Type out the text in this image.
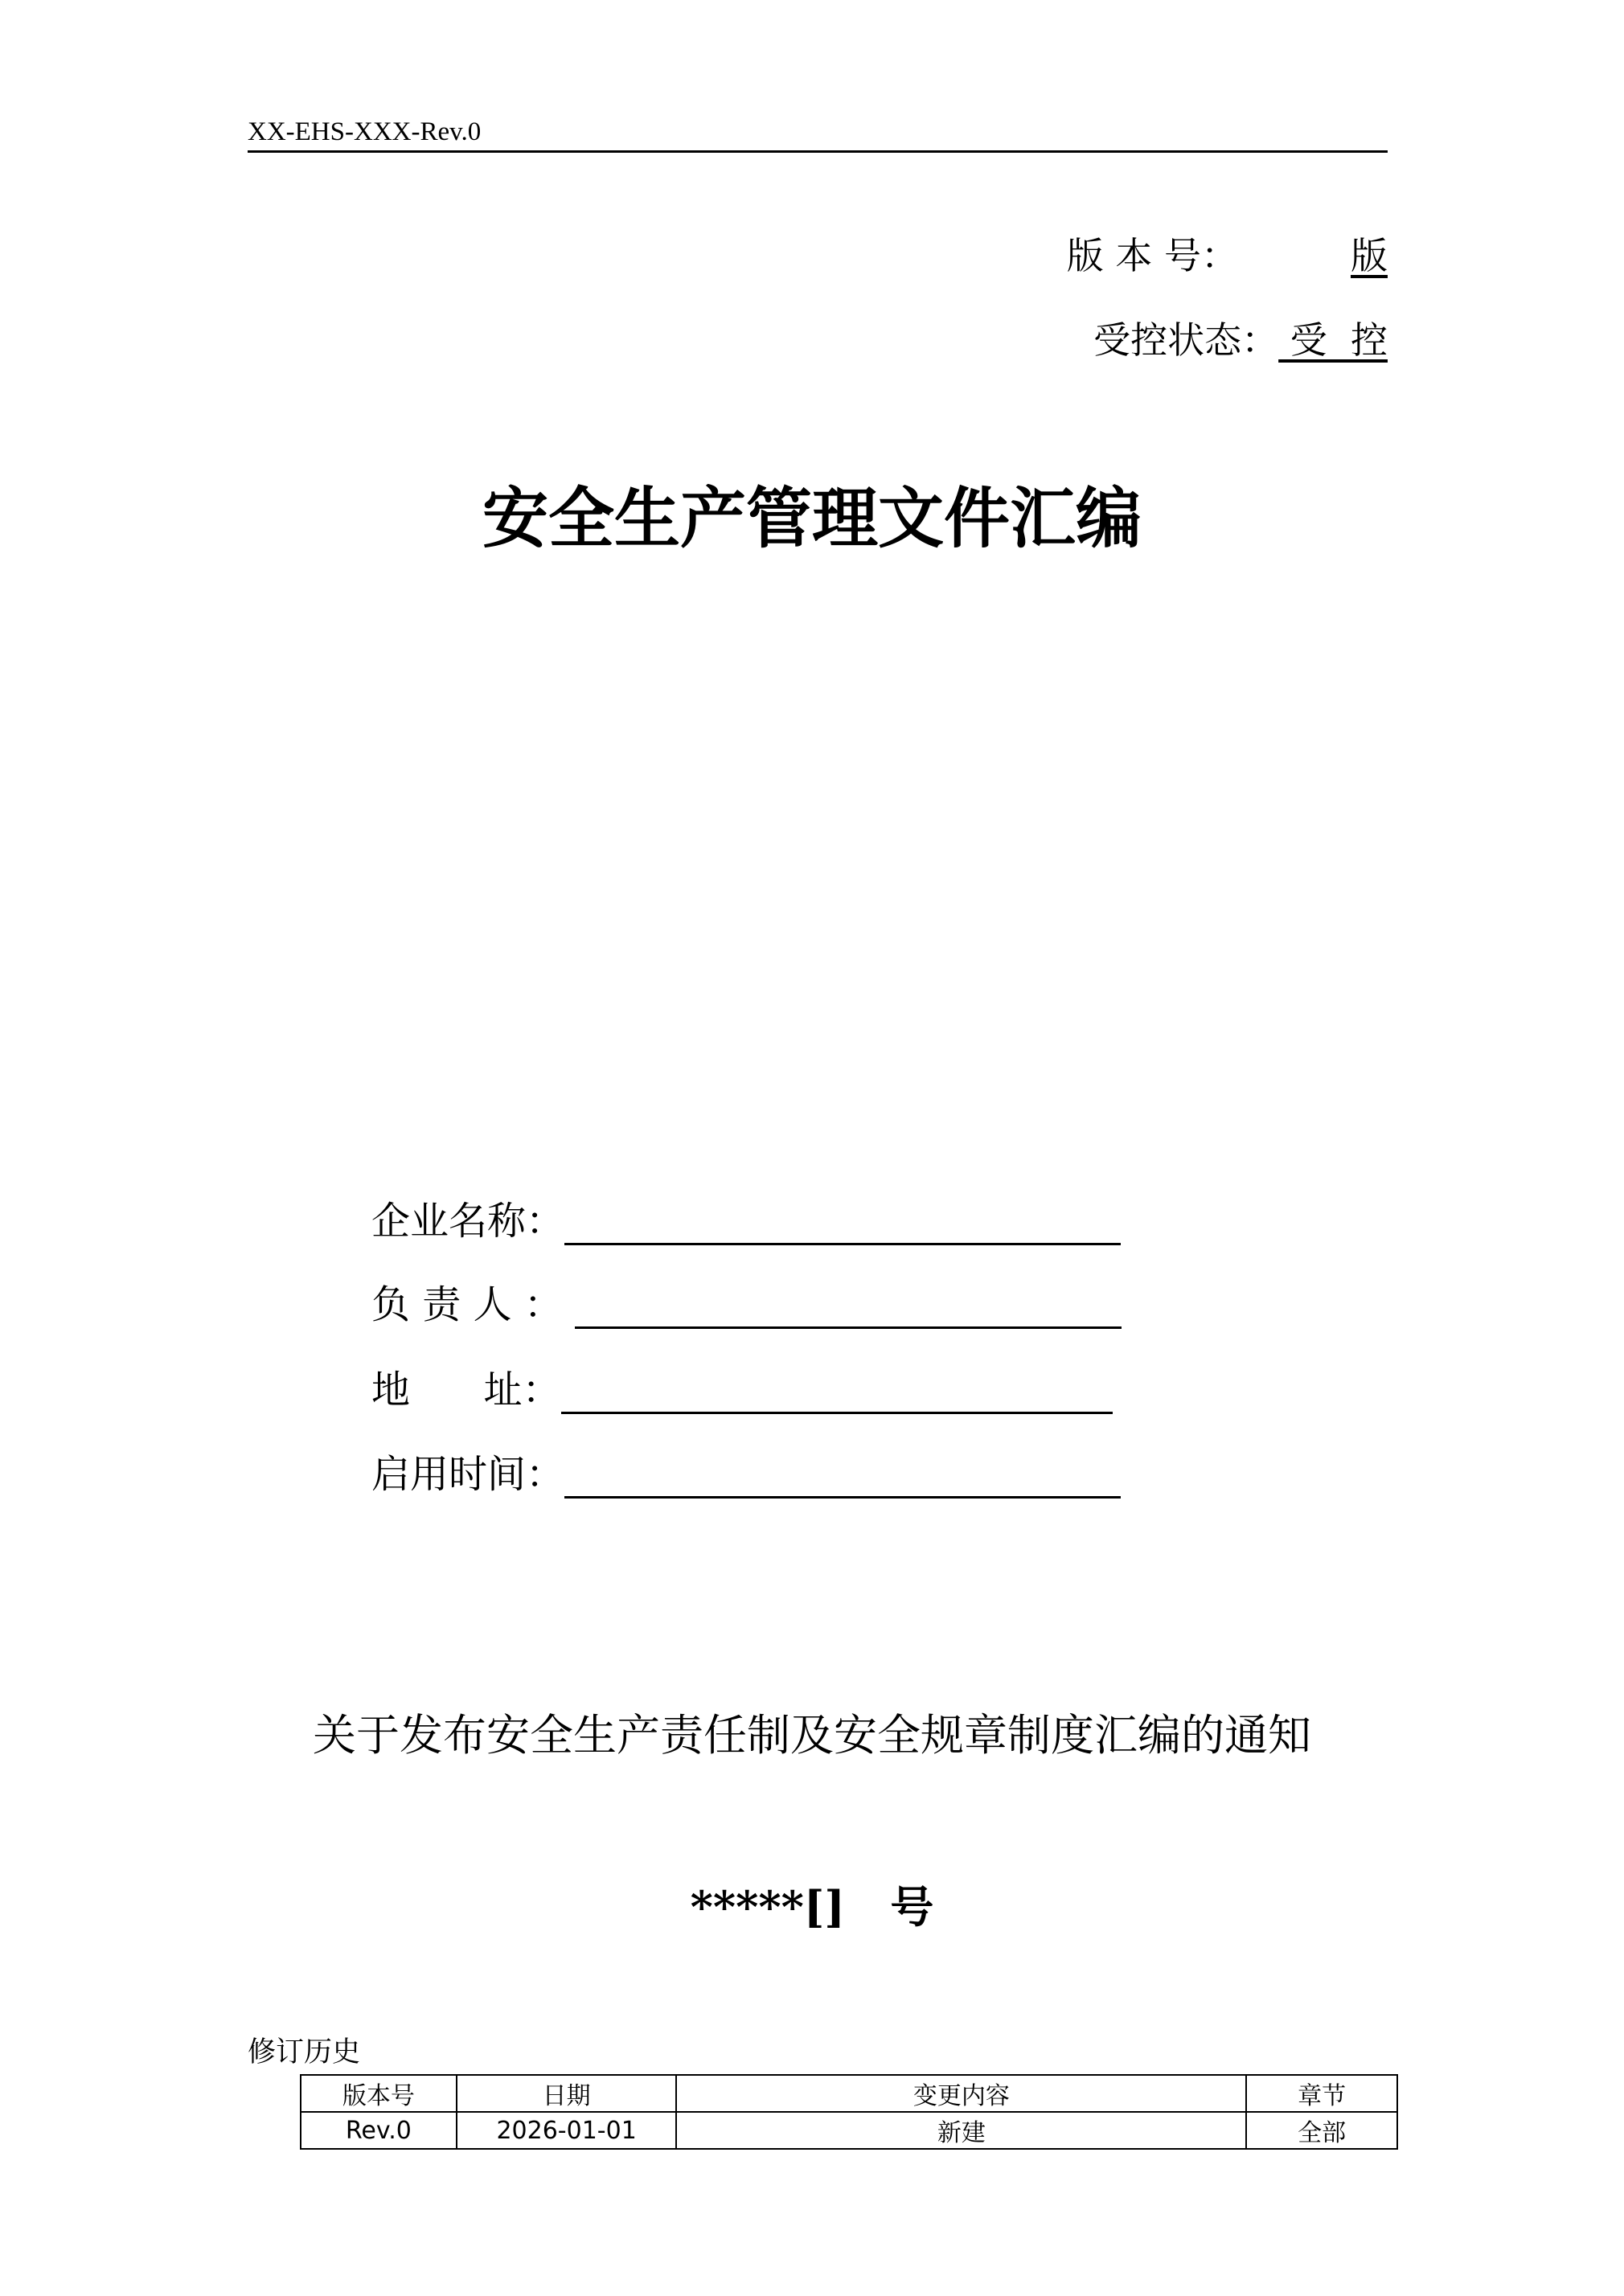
XX-EHS-XXX-Rev.0
版 本 号：	版
受控状态： 受  控
安全生产管理文件汇编
企业名称：
负 责 人 ：
地      址：
启用时间：
关于发布安全生产责任制及安全规章制度汇编的通知
*****[]   号
修订历史
版本号	日期	变更内容	章节
Rev.0	2026-01-01	新建	全部
